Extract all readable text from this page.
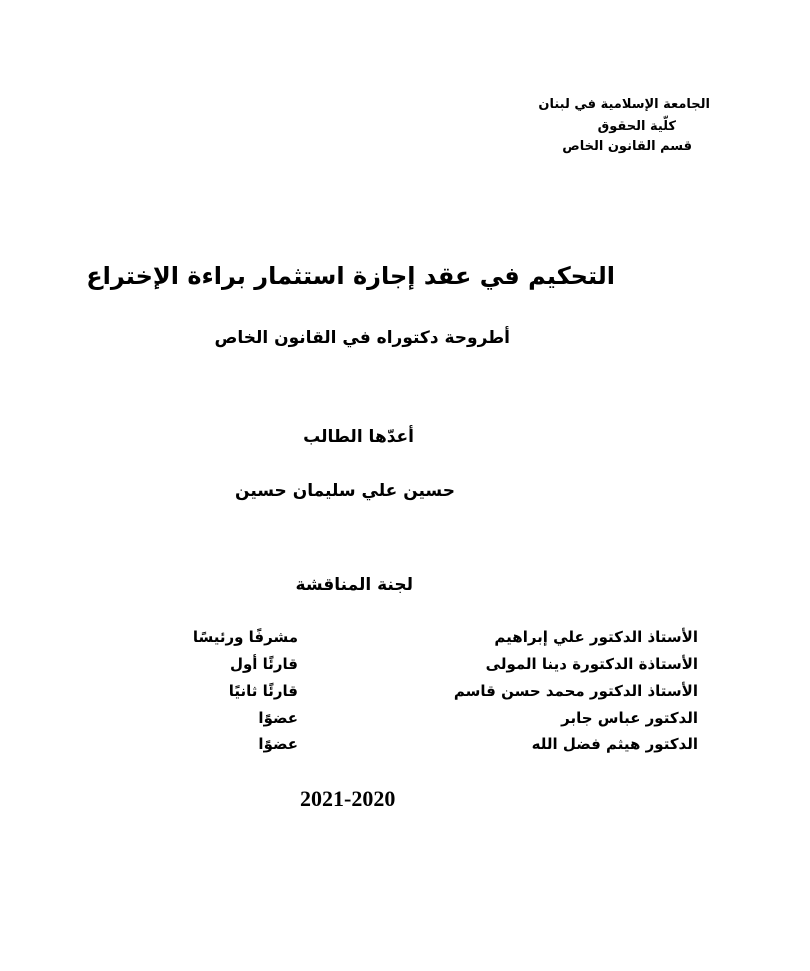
الجامعة الإسلامية في لبنان
كلّية الحقوق
قسم القانون الخاص
التحكيم في عقد إجازة استثمار براءة الإختراع
أطروحة دكتوراه في القانون الخاص
أعدّها الطالب
حسين علي سليمان حسين
لجنة المناقشة
الأستاذ الدكتور علي إبراهيم
مشرفًا ورئيسًا
الأستاذة الدكتورة دينا المولى
قارئًا أول
الأستاذ الدكتور محمد حسن قاسم
قارئًا ثانيًا
الدكتور عباس جابر
عضوًا
الدكتور هيثم فضل الله
عضوًا
2021-2020
